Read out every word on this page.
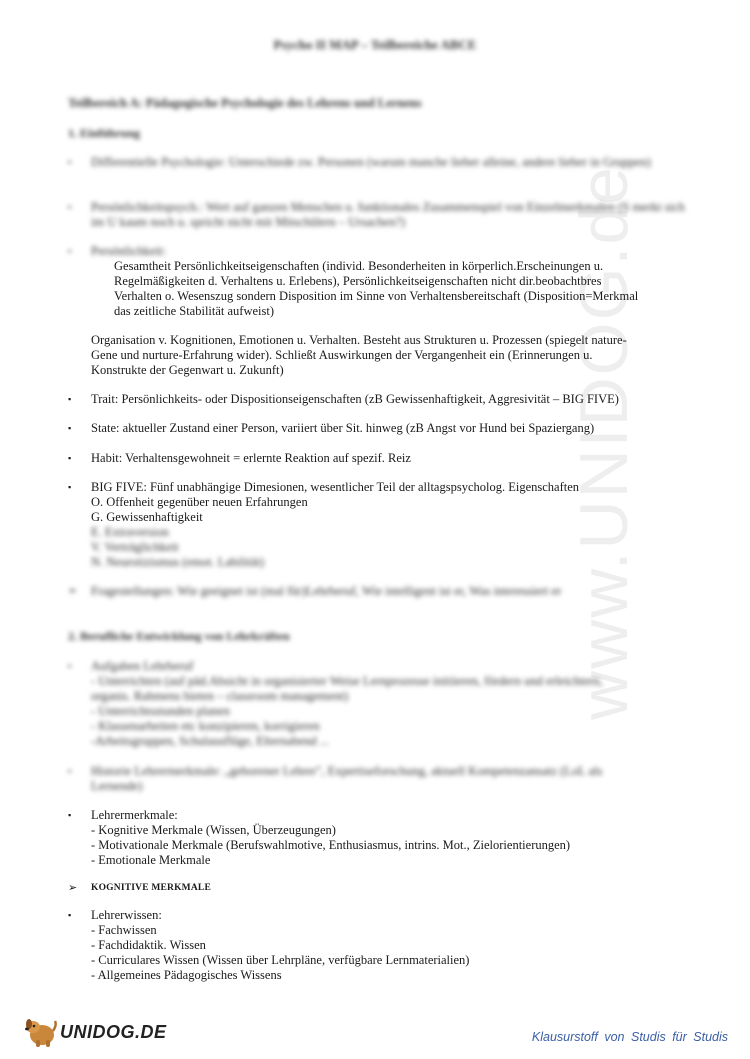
www.UNIDOG.de
Psycho II MAP – Teilbereiche ABCE
Teilbereich A: Pädagogische Psychologie des Lehrens und Lernens
1. Einführung
▪ Differentielle Psychologie: Unterschiede zw. Personen (warum manche lieber alleine, andere lieber in Gruppen)
▪ Persönlichkeitspsych.: Wert auf ganzen Menschen u. funktionales Zusammenspiel von Einzelmerkmalen (S merkt sich im U kaum noch u. spricht nicht mit Mitschülern – Ursachen?)
▪ Persönlichkeit:
Gesamtheit Persönlichkeitseigenschaften (individ. Besonderheiten in körperlich.Erscheinungen u.
Regelmäßigkeiten d. Verhaltens u. Erlebens), Persönlichkeitseigenschaften nicht dir.beobachtbres
Verhalten o. Wesenszug sondern Disposition im Sinne von Verhaltensbereitschaft (Disposition=Merkmal
das zeitliche Stabilität aufweist)
Organisation v. Kognitionen, Emotionen u. Verhalten. Besteht aus Strukturen u. Prozessen (spiegelt nature-
Gene und nurture-Erfahrung wider). Schließt Auswirkungen der Vergangenheit ein (Erinnerungen u.
Konstrukte der Gegenwart u. Zukunft)
▪ Trait: Persönlichkeits- oder Dispositionseigenschaften (zB Gewissenhaftigkeit, Aggresivität – BIG FIVE)
▪ State: aktueller Zustand einer Person, variiert über Sit. hinweg (zB Angst vor Hund bei Spaziergang)
▪ Habit: Verhaltensgewohneit = erlernte Reaktion auf spezif. Reiz
▪ BIG FIVE: Fünf unabhängige Dimesionen, wesentlicher Teil der alltagspsycholog. Eigenschaften
O. Offenheit gegenüber neuen Erfahrungen
G. Gewissenhaftigkeit
E. Extraversion
V. Verträglichkeit
N. Neurotizismus (emot. Labilität)
➢ Fragestellungen: Wie geeignet ist (mal für)Lehrberuf, Wie intelligent ist er, Was interessiert er
2. Berufliche Entwicklung von Lehrkräften
▪ Aufgaben Lehrberuf
- Unterrichten (auf päd.Absicht in organisierter Weise Lernprozesse initiieren, fördern und erleichtern,
organis. Rahmens bieten – classroom management)
- Unterrichtsstunden planen
- Klassenarbeiten etc konzipieren, korrigieren
-Arbeitsgruppen, Schulausflüge, Elternabend ...
▪ Historie Lehrermerkmale: „geborener Lehrer", Expertiseforschung, aktuell Kompetenzansatz (LoL als
Lernende)
▪ Lehrermerkmale:
- Kognitive Merkmale (Wissen, Überzeugungen)
- Motivationale Merkmale (Berufswahlmotive, Enthusiasmus, intrins. Mot., Zielorientierungen)
- Emotionale Merkmale
➢ KOGNITIVE MERKMALE
▪ Lehrerwissen:
- Fachwissen
- Fachdidaktik. Wissen
- Curriculares Wissen (Wissen über Lehrpläne, verfügbare Lernmaterialien)
- Allgemeines Pädagogisches Wissens
UNIDOG.DE	Klausurstoff von Studis für Studis
